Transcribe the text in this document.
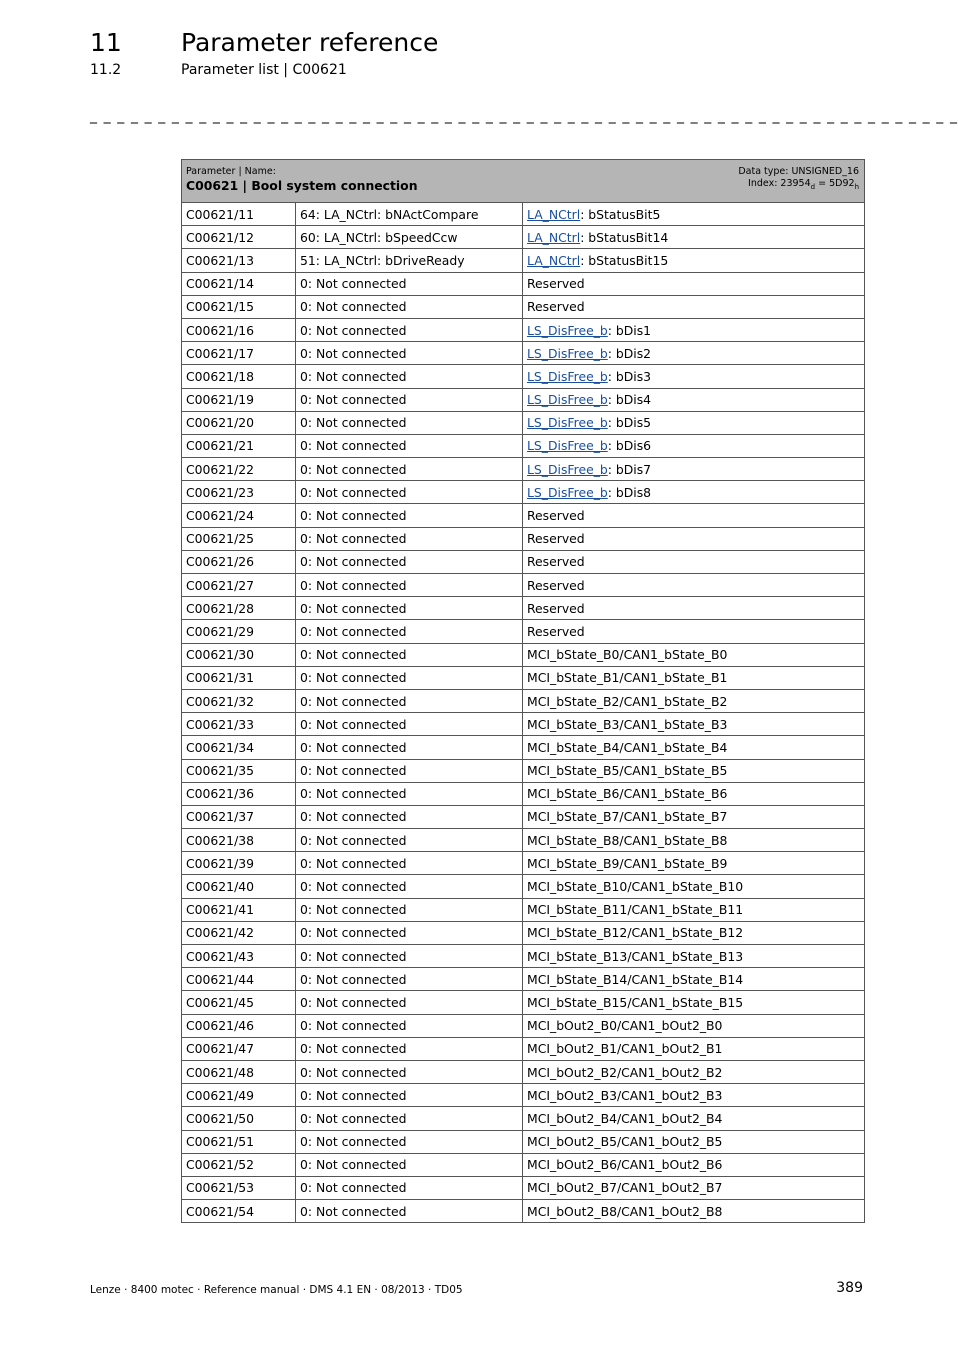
11 Parameter reference
11.2	Parameter list | C00621
_ _ _ _ _ _ _ _ _ _ _ _ _ _ _ _ _ _ _ _ _ _ _ _ _ _ _ _ _ _ _ _ _ _ _ _ _ _ _ _ _ _ _ _ _ _ _ _ _ _ _ _ _ _ _ _ _ _ _ _ _ _ _ _
Parameter | Name:
C00621 | Bool system connection
Data type: UNSIGNED_16
Index: $23954_d = 5D92_h$

C00621/11	64: LA_NCtrl: bNActCompare	LA_NCtrl: bStatusBit5
C00621/12	60: LA_NCtrl: bSpeedCcw	LA_NCtrl: bStatusBit14
C00621/13	51: LA_NCtrl: bDriveReady	LA_NCtrl: bStatusBit15
C00621/14	0: Not connected	Reserved
C00621/15	0: Not connected	Reserved
C00621/16	0: Not connected	LS_DisFree_b: bDis1
C00621/17	0: Not connected	LS_DisFree_b: bDis2
C00621/18	0: Not connected	LS_DisFree_b: bDis3
C00621/19	0: Not connected	LS_DisFree_b: bDis4
C00621/20	0: Not connected	LS_DisFree_b: bDis5
C00621/21	0: Not connected	LS_DisFree_b: bDis6
C00621/22	0: Not connected	LS_DisFree_b: bDis7
C00621/23	0: Not connected	LS_DisFree_b: bDis8
C00621/24	0: Not connected	Reserved
C00621/25	0: Not connected	Reserved
C00621/26	0: Not connected	Reserved
C00621/27	0: Not connected	Reserved
C00621/28	0: Not connected	Reserved
C00621/29	0: Not connected	Reserved
C00621/30	0: Not connected	MCI_bState_B0/CAN1_bState_B0
C00621/31	0: Not connected	MCI_bState_B1/CAN1_bState_B1
C00621/32	0: Not connected	MCI_bState_B2/CAN1_bState_B2
C00621/33	0: Not connected	MCI_bState_B3/CAN1_bState_B3
C00621/34	0: Not connected	MCI_bState_B4/CAN1_bState_B4
C00621/35	0: Not connected	MCI_bState_B5/CAN1_bState_B5
C00621/36	0: Not connected	MCI_bState_B6/CAN1_bState_B6
C00621/37	0: Not connected	MCI_bState_B7/CAN1_bState_B7
C00621/38	0: Not connected	MCI_bState_B8/CAN1_bState_B8
C00621/39	0: Not connected	MCI_bState_B9/CAN1_bState_B9
C00621/40	0: Not connected	MCI_bState_B10/CAN1_bState_B10
C00621/41	0: Not connected	MCI_bState_B11/CAN1_bState_B11
C00621/42	0: Not connected	MCI_bState_B12/CAN1_bState_B12
C00621/43	0: Not connected	MCI_bState_B13/CAN1_bState_B13
C00621/44	0: Not connected	MCI_bState_B14/CAN1_bState_B14
C00621/45	0: Not connected	MCI_bState_B15/CAN1_bState_B15
C00621/46	0: Not connected	MCI_bOut2_B0/CAN1_bOut2_B0
C00621/47	0: Not connected	MCI_bOut2_B1/CAN1_bOut2_B1
C00621/48	0: Not connected	MCI_bOut2_B2/CAN1_bOut2_B2
C00621/49	0: Not connected	MCI_bOut2_B3/CAN1_bOut2_B3
C00621/50	0: Not connected	MCI_bOut2_B4/CAN1_bOut2_B4
C00621/51	0: Not connected	MCI_bOut2_B5/CAN1_bOut2_B5
C00621/52	0: Not connected	MCI_bOut2_B6/CAN1_bOut2_B6
C00621/53	0: Not connected	MCI_bOut2_B7/CAN1_bOut2_B7
C00621/54	0: Not connected	MCI_bOut2_B8/CAN1_bOut2_B8
Lenze · 8400 motec · Reference manual · DMS 4.1 EN · 08/2013 · TD05	389
